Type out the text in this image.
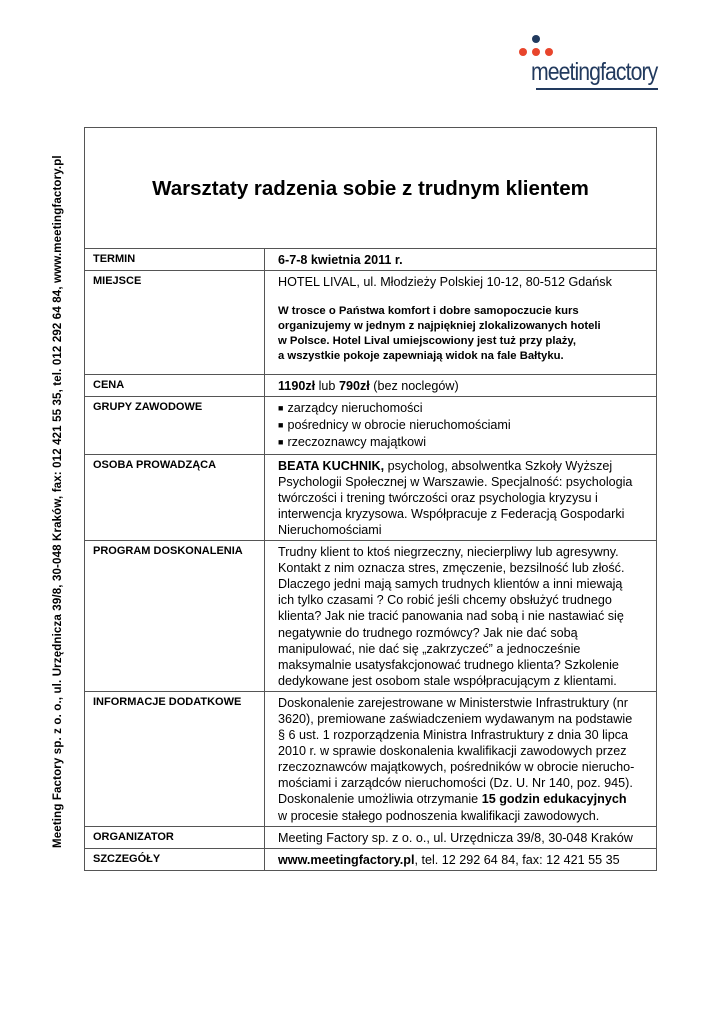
meetingfactory
Meeting Factory sp. z o. o., ul. Urzędnicza 39/8, 30-048 Kraków, fax: 012 421 55 35, tel. 012 292 64 84, www.meetingfactory.pl	Warsztaty radzenia sobie z trudnym klientem
TERMIN	6-7-8 kwietnia 2011 r.
MIEJSCE	HOTEL LIVAL, ul. Młodzieży Polskiej 10-12, 80-512 Gdańsk
W trosce o Państwa komfort i dobre samopoczucie kurs
organizujemy w jednym z najpiękniej zlokalizowanych hoteli
w Polsce. Hotel Lival umiejscowiony jest tuż przy plaży,
a wszystkie pokoje zapewniają widok na fale Bałtyku.
CENA	1190zł lub 790zł (bez noclegów)
GRUPY ZAWODOWE
■	zarządcy nieruchomości
■ pośrednicy w obrocie nieruchomościami
■ rzeczoznawcy majątkowi
OSOBA PROWADZĄCA	BEATA KUCHNIK, psycholog, absolwentka Szkoły Wyższej
Psychologii Społecznej w Warszawie. Specjalność: psychologia
twórczości i trening twórczości oraz psychologia kryzysu i
interwencja kryzysowa. Współpracuje z Federacją Gospodarki
Nieruchomościami
PROGRAM DOSKONALENIA	Trudny klient to ktoś niegrzeczny, niecierpliwy lub agresywny.
Kontakt z nim oznacza stres, zmęczenie, bezsilność lub złość.
Dlaczego jedni mają samych trudnych klientów a inni miewają
ich tylko czasami ? Co robić jeśli chcemy obsłużyć trudnego
klienta? Jak nie tracić panowania nad sobą i nie nastawiać się
negatywnie do trudnego rozmówcy? Jak nie dać sobą
manipulować, nie dać się „zakrzyczeć” a jednocześnie
maksymalnie usatysfakcjonować trudnego klienta? Szkolenie
dedykowane jest osobom stale współpracującym z klientami.
INFORMACJE DODATKOWE	Doskonalenie zarejestrowane w Ministerstwie Infrastruktury (nr
3620), premiowane zaświadczeniem wydawanym na podstawie
§ 6 ust. 1 rozporządzenia Ministra Infrastruktury z dnia 30 lipca
2010 r. w sprawie doskonalenia kwalifikacji zawodowych przez
rzeczoznawców majątkowych, pośredników w obrocie nierucho-
mościami i zarządców nieruchomości (Dz. U. Nr 140, poz. 945).
Doskonalenie umożliwia otrzymanie 15 godzin edukacyjnych
w procesie stałego podnoszenia kwalifikacji zawodowych.
ORGANIZATOR	Meeting Factory sp. z o. o., ul. Urzędnicza 39/8, 30-048 Kraków
SZCZEGÓŁY	www.meetingfactory.pl, tel. 12 292 64 84, fax: 12 421 55 35
